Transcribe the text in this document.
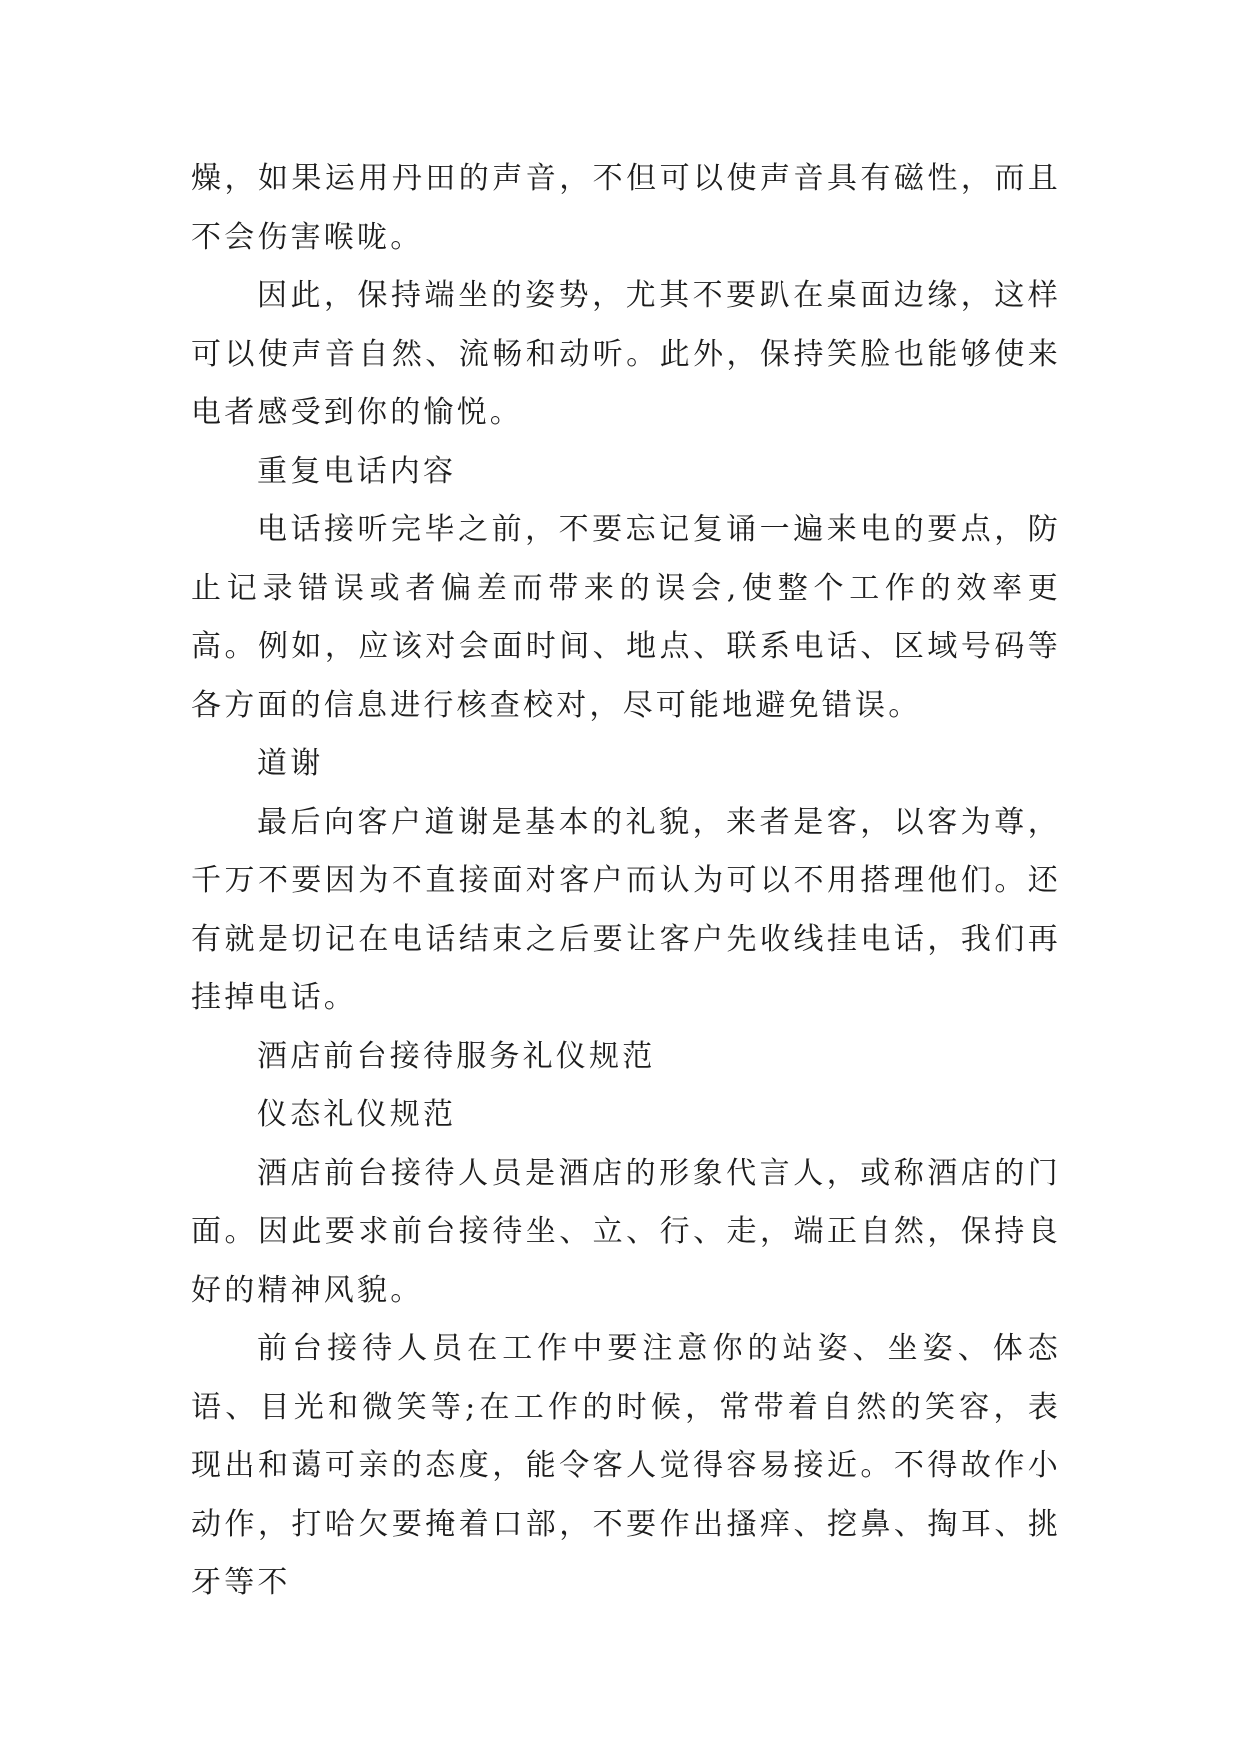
燥，如果运用丹田的声音，不但可以使声音具有磁性，而且不会伤害喉咙。

因此，保持端坐的姿势，尤其不要趴在桌面边缘，这样可以使声音自然、流畅和动听。此外，保持笑脸也能够使来电者感受到你的愉悦。

重复电话内容

电话接听完毕之前，不要忘记复诵一遍来电的要点，防止记录错误或者偏差而带来的误会,使整个工作的效率更高。例如，应该对会面时间、地点、联系电话、区域号码等各方面的信息进行核查校对，尽可能地避免错误。

道谢

最后向客户道谢是基本的礼貌，来者是客，以客为尊，千万不要因为不直接面对客户而认为可以不用搭理他们。还有就是切记在电话结束之后要让客户先收线挂电话，我们再挂掉电话。

酒店前台接待服务礼仪规范

仪态礼仪规范

酒店前台接待人员是酒店的形象代言人，或称酒店的门面。因此要求前台接待坐、立、行、走，端正自然，保持良好的精神风貌。

前台接待人员在工作中要注意你的站姿、坐姿、体态语、目光和微笑等;在工作的时候，常带着自然的笑容，表现出和蔼可亲的态度，能令客人觉得容易接近。不得故作小动作，打哈欠要掩着口部，不要作出搔痒、挖鼻、掏耳、挑牙等不
